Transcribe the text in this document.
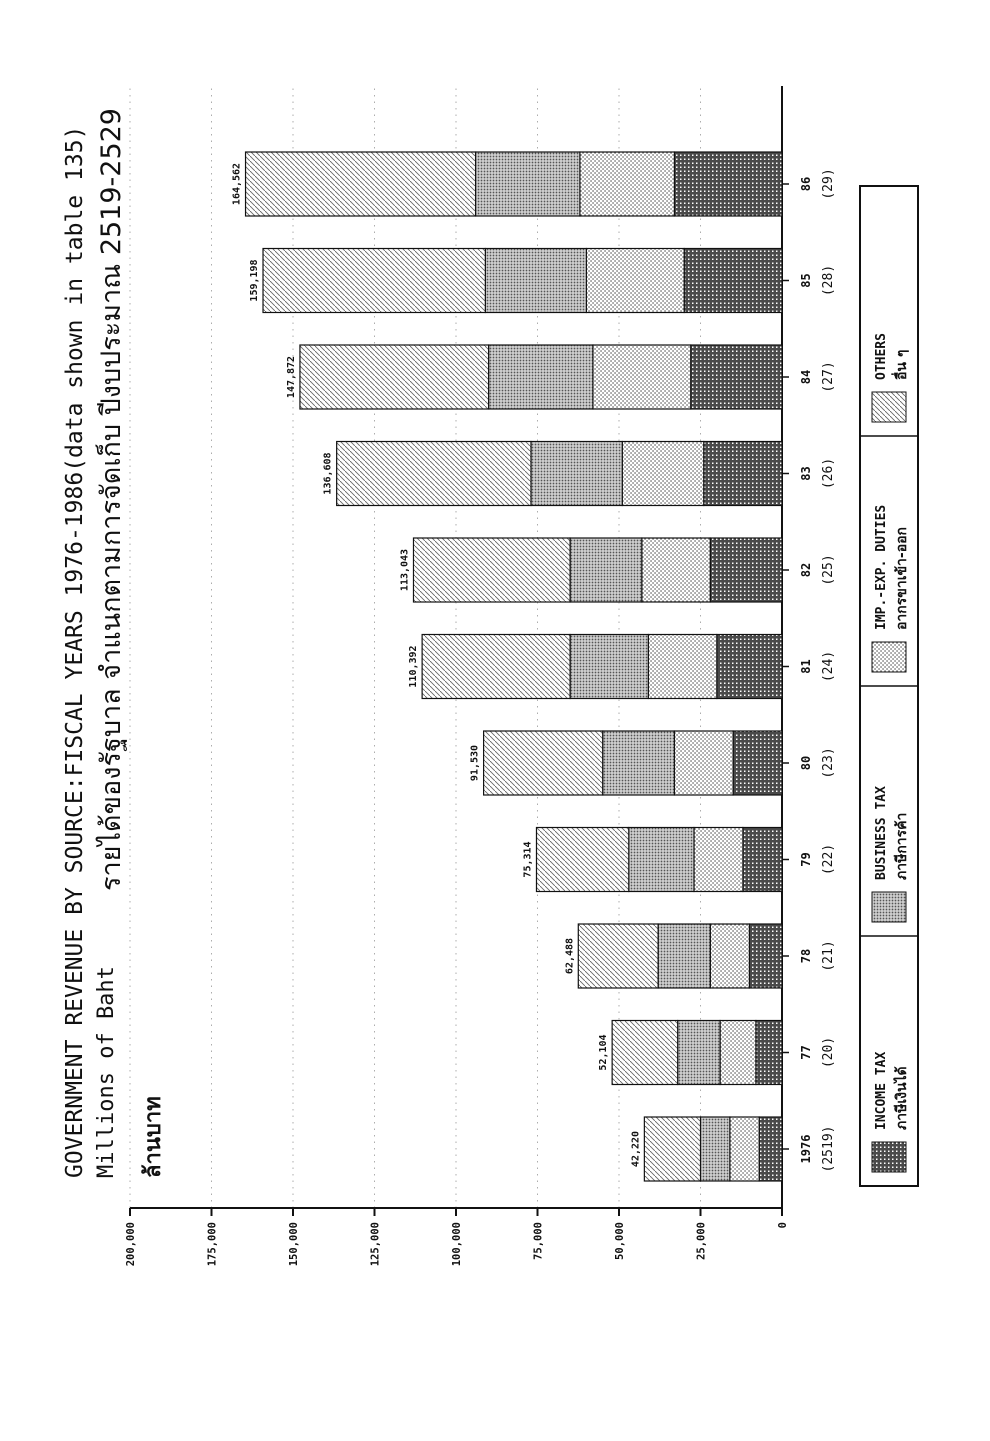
0
25,000
50,000
75,000
100,000
125,000
150,000
175,000
200,000
1976 (2519)
77 (20)
78 (21)
79 (22)
80 (23)
81 (24)
82 (25)
83 (26)
84 (27)
85 (28)
86 (29)
42,220
52,104
62,488
75,314
91,530
110,392
113,043
136,608
147,872
159,198
164,562
GOVERNMENT REVENUE BY SOURCE:FISCAL YEARS 1976-1986(data shown in table 135) Millions of Baht
รายได้ของรัฐบาล จำแนกตามการจัดเก็บ ปีงบประมาณ 2519-2529
ล้านบาท
INCOME TAX ภาษีเงินได้
BUSINESS TAX ภาษีการค้า
IMP.-EXP. DUTIES อากรขาเข้า-ออก
OTHERS อื่น ๆ
